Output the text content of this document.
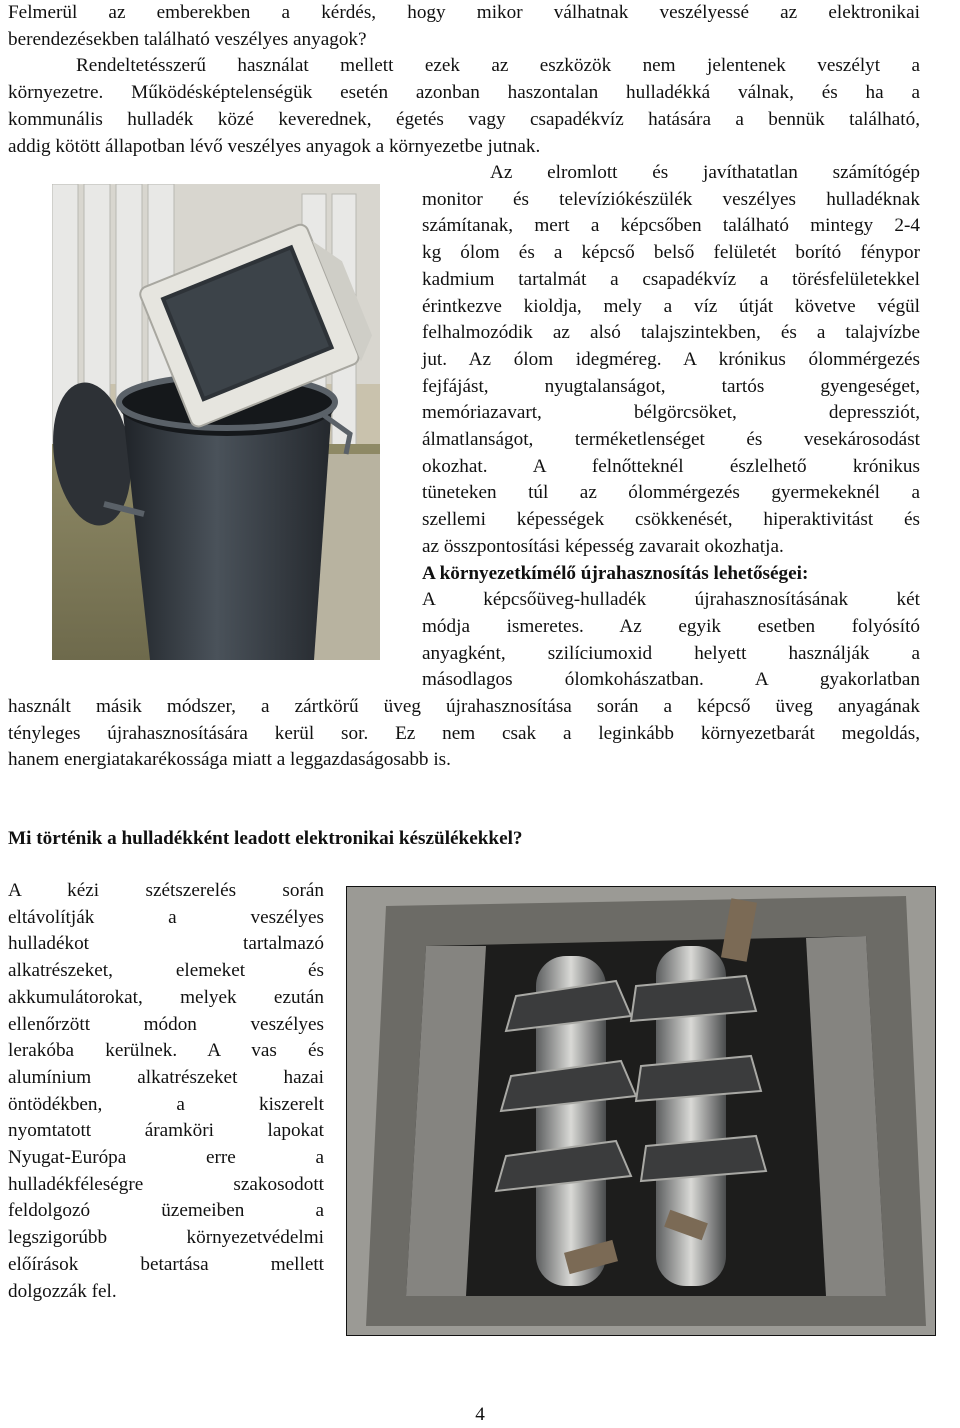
Felmerül az emberekben a kérdés, hogy mikor válhatnak veszélyessé az elektronikai
berendezésekben található veszélyes anyagok?
Rendeltetésszerű használat mellett ezek az eszközök nem jelentenek veszélyt a
környezetre. Működésképtelenségük esetén azonban haszontalan hulladékká válnak, és ha a
kommunális hulladék közé keverednek, égetés vagy csapadékvíz hatására a bennük található,
addig kötött állapotban lévő veszélyes anyagok a környezetbe jutnak.
Az elromlott és javíthatatlan számítógép
monitor és televíziókészülék veszélyes hulladéknak
számítanak, mert a képcsőben található mintegy 2-4
kg ólom és a képcső belső felületét borító fénypor
kadmium tartalmát a csapadékvíz a törésfelületekkel
érintkezve kioldja, mely a víz útját követve végül
felhalmozódik az alsó talajszintekben, és a talajvízbe
jut. Az ólom idegméreg. A krónikus ólommérgezés
fejfájást, nyugtalanságot, tartós gyengeséget,
memóriazavart, bélgörcsöket, depressziót,
álmatlanságot, terméketlenséget és vesekárosodást
okozhat. A felnőtteknél észlelhető krónikus
tüneteken túl az ólommérgezés gyermekeknél a
szellemi képességek csökkenését, hiperaktivitást és
az összpontosítási képesség zavarait okozhatja.
A környezetkímélő újrahasznosítás lehetőségei:
A képcsőüveg-hulladék újrahasznosításának két
módja ismeretes. Az egyik esetben folyósító
anyagként, szilíciumoxid helyett használják a
másodlagos ólomkohászatban. A gyakorlatban
használt másik módszer, a zártkörű üveg újrahasznosítása során a képcső üveg anyagának
tényleges újrahasznosítására kerül sor. Ez nem csak a leginkább környezetbarát megoldás,
hanem energiatakarékossága miatt a leggazdaságosabb is.
Mi történik a hulladékként leadott elektronikai készülékekkel?
A kézi szétszerelés során
eltávolítják a veszélyes
hulladékot tartalmazó
alkatrészeket, elemeket és
akkumulátorokat, melyek ezután
ellenőrzött módon veszélyes
lerakóba kerülnek. A vas és
alumínium alkatrészeket hazai
öntödékben, a kiszerelt
nyomtatott áramköri lapokat
Nyugat-Európa erre a
hulladékféleségre szakosodott
feldolgozó üzemeiben a
legszigorúbb környezetvédelmi
előírások betartása mellett
dolgozzák fel.
4
